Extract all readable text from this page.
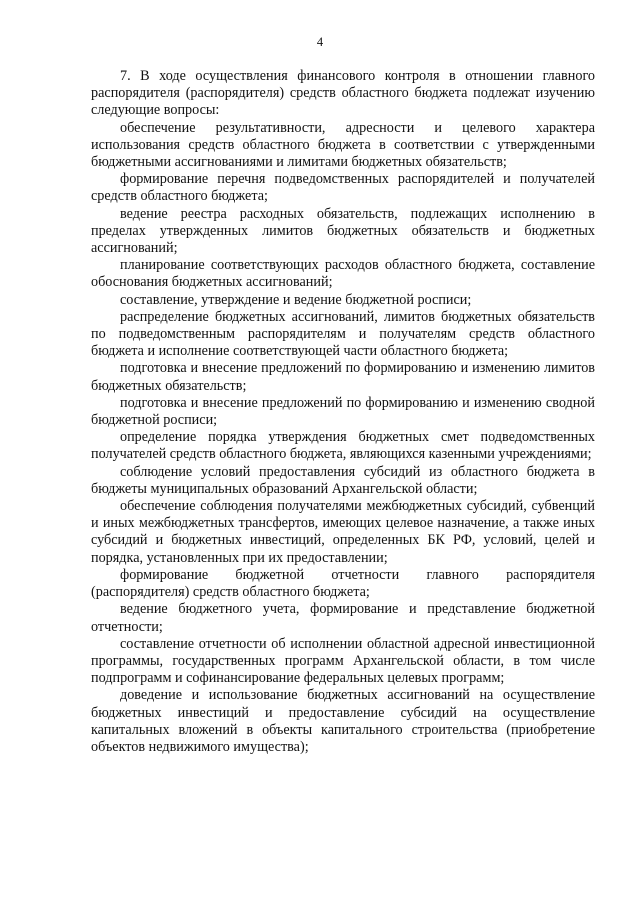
4

7. В ходе осуществления финансового контроля в отношении главного распорядителя (распорядителя) средств областного бюджета подлежат изучению следующие вопросы:

обеспечение результативности, адресности и целевого характера использования средств областного бюджета в соответствии с утвержденными бюджетными ассигнованиями и лимитами бюджетных обязательств;

формирование перечня подведомственных распорядителей и получателей средств областного бюджета;

ведение реестра расходных обязательств, подлежащих исполнению в пределах утвержденных лимитов бюджетных обязательств и бюджетных ассигнований;

планирование соответствующих расходов областного бюджета, составление обоснования бюджетных ассигнований;

составление, утверждение и ведение бюджетной росписи;

распределение бюджетных ассигнований, лимитов бюджетных обязательств по подведомственным распорядителям и получателям средств областного бюджета и исполнение соответствующей части областного бюджета;

подготовка и внесение предложений по формированию и изменению лимитов бюджетных обязательств;

подготовка и внесение предложений по формированию и изменению сводной бюджетной росписи;

определение порядка утверждения бюджетных смет подведомственных получателей средств областного бюджета, являющихся казенными учреждениями;

соблюдение условий предоставления субсидий из областного бюджета в бюджеты муниципальных образований Архангельской области;

обеспечение соблюдения получателями межбюджетных субсидий, субвенций и иных межбюджетных трансфертов, имеющих целевое назначение, а также иных субсидий и бюджетных инвестиций, определенных БК РФ, условий, целей и порядка, установленных при их предоставлении;

формирование бюджетной отчетности главного распорядителя (распорядителя) средств областного бюджета;

ведение бюджетного учета, формирование и представление бюджетной отчетности;

составление отчетности об исполнении областной адресной инвестиционной программы, государственных программ Архангельской области, в том числе подпрограмм и софинансирование федеральных целевых программ;

доведение и использование бюджетных ассигнований на осуществление бюджетных инвестиций и предоставление субсидий на осуществление капитальных вложений в объекты капитального строительства (приобретение объектов недвижимого имущества);
